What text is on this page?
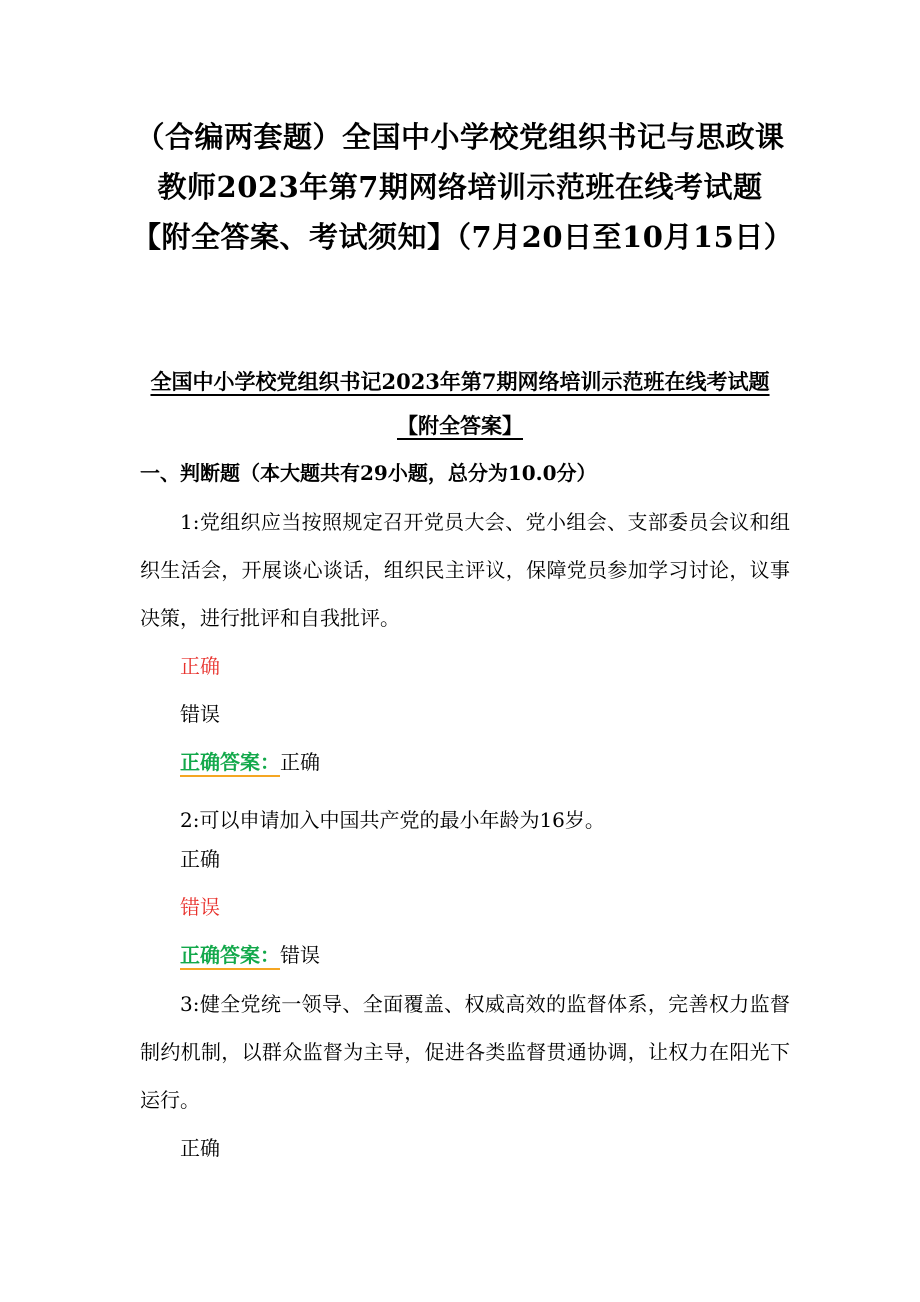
（合编两套题）全国中小学校党组织书记与思政课教师2023年第7期网络培训示范班在线考试题【附全答案、考试须知】（7月20日至10月15日）
全国中小学校党组织书记2023年第7期网络培训示范班在线考试题
【附全答案】
一、判断题（本大题共有29小题，总分为10.0分）

1:党组织应当按照规定召开党员大会、党小组会、支部委员会议和组织生活会，开展谈心谈话，组织民主评议，保障党员参加学习讨论，议事决策，进行批评和自我批评。

正确
错误
正确答案：正确

2:可以申请加入中国共产党的最小年龄为16岁。

正确
错误
正确答案：错误

3:健全党统一领导、全面覆盖、权威高效的监督体系，完善权力监督制约机制，以群众监督为主导，促进各类监督贯通协调，让权力在阳光下运行。

正确
